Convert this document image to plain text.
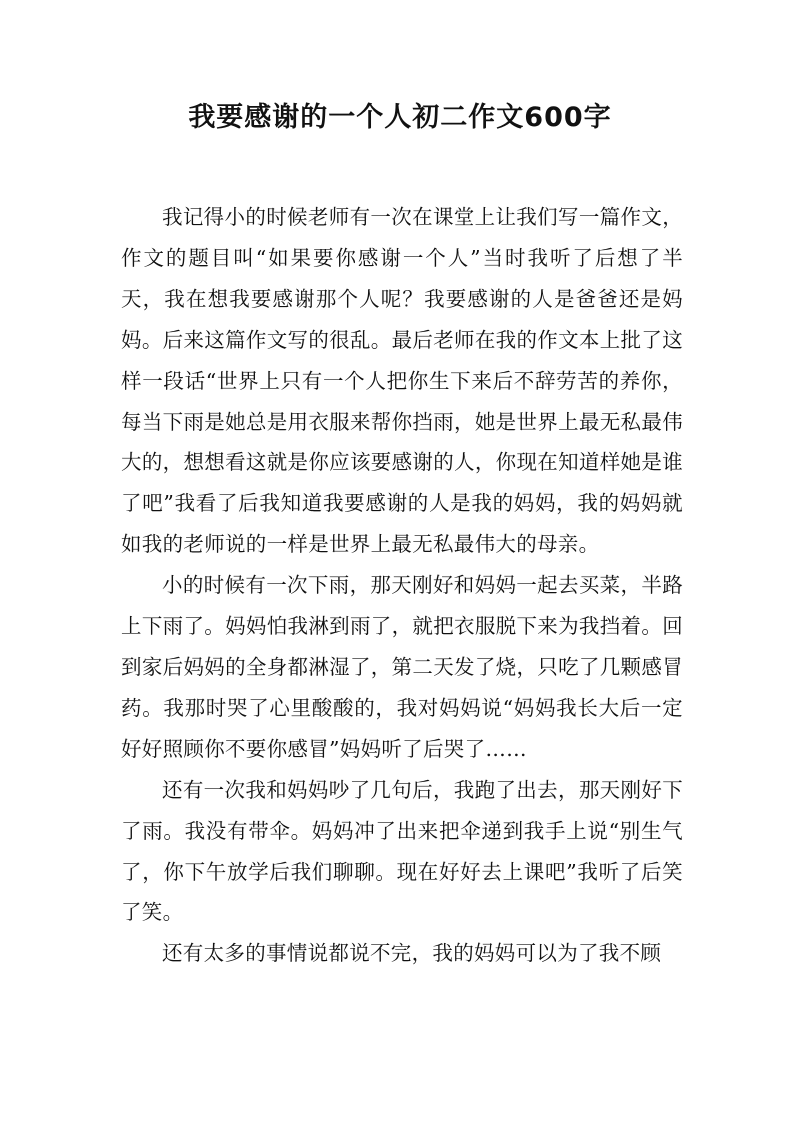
我要感谢的一个人初二作文600字

我记得小的时候老师有一次在课堂上让我们写一篇作文，作文的题目叫“如果要你感谢一个人”当时我听了后想了半天，我在想我要感谢那个人呢？我要感谢的人是爸爸还是妈妈。后来这篇作文写的很乱。最后老师在我的作文本上批了这样一段话“世界上只有一个人把你生下来后不辞劳苦的养你，每当下雨是她总是用衣服来帮你挡雨，她是世界上最无私最伟大的，想想看这就是你应该要感谢的人，你现在知道样她是谁了吧”我看了后我知道我要感谢的人是我的妈妈，我的妈妈就如我的老师说的一样是世界上最无私最伟大的母亲。

小的时候有一次下雨，那天刚好和妈妈一起去买菜，半路上下雨了。妈妈怕我淋到雨了，就把衣服脱下来为我挡着。回到家后妈妈的全身都淋湿了，第二天发了烧，只吃了几颗感冒药。我那时哭了心里酸酸的，我对妈妈说“妈妈我长大后一定好好照顾你不要你感冒”妈妈听了后哭了……

还有一次我和妈妈吵了几句后，我跑了出去，那天刚好下了雨。我没有带伞。妈妈冲了出来把伞递到我手上说“别生气了，你下午放学后我们聊聊。现在好好去上课吧”我听了后笑了笑。

还有太多的事情说都说不完，我的妈妈可以为了我不顾
